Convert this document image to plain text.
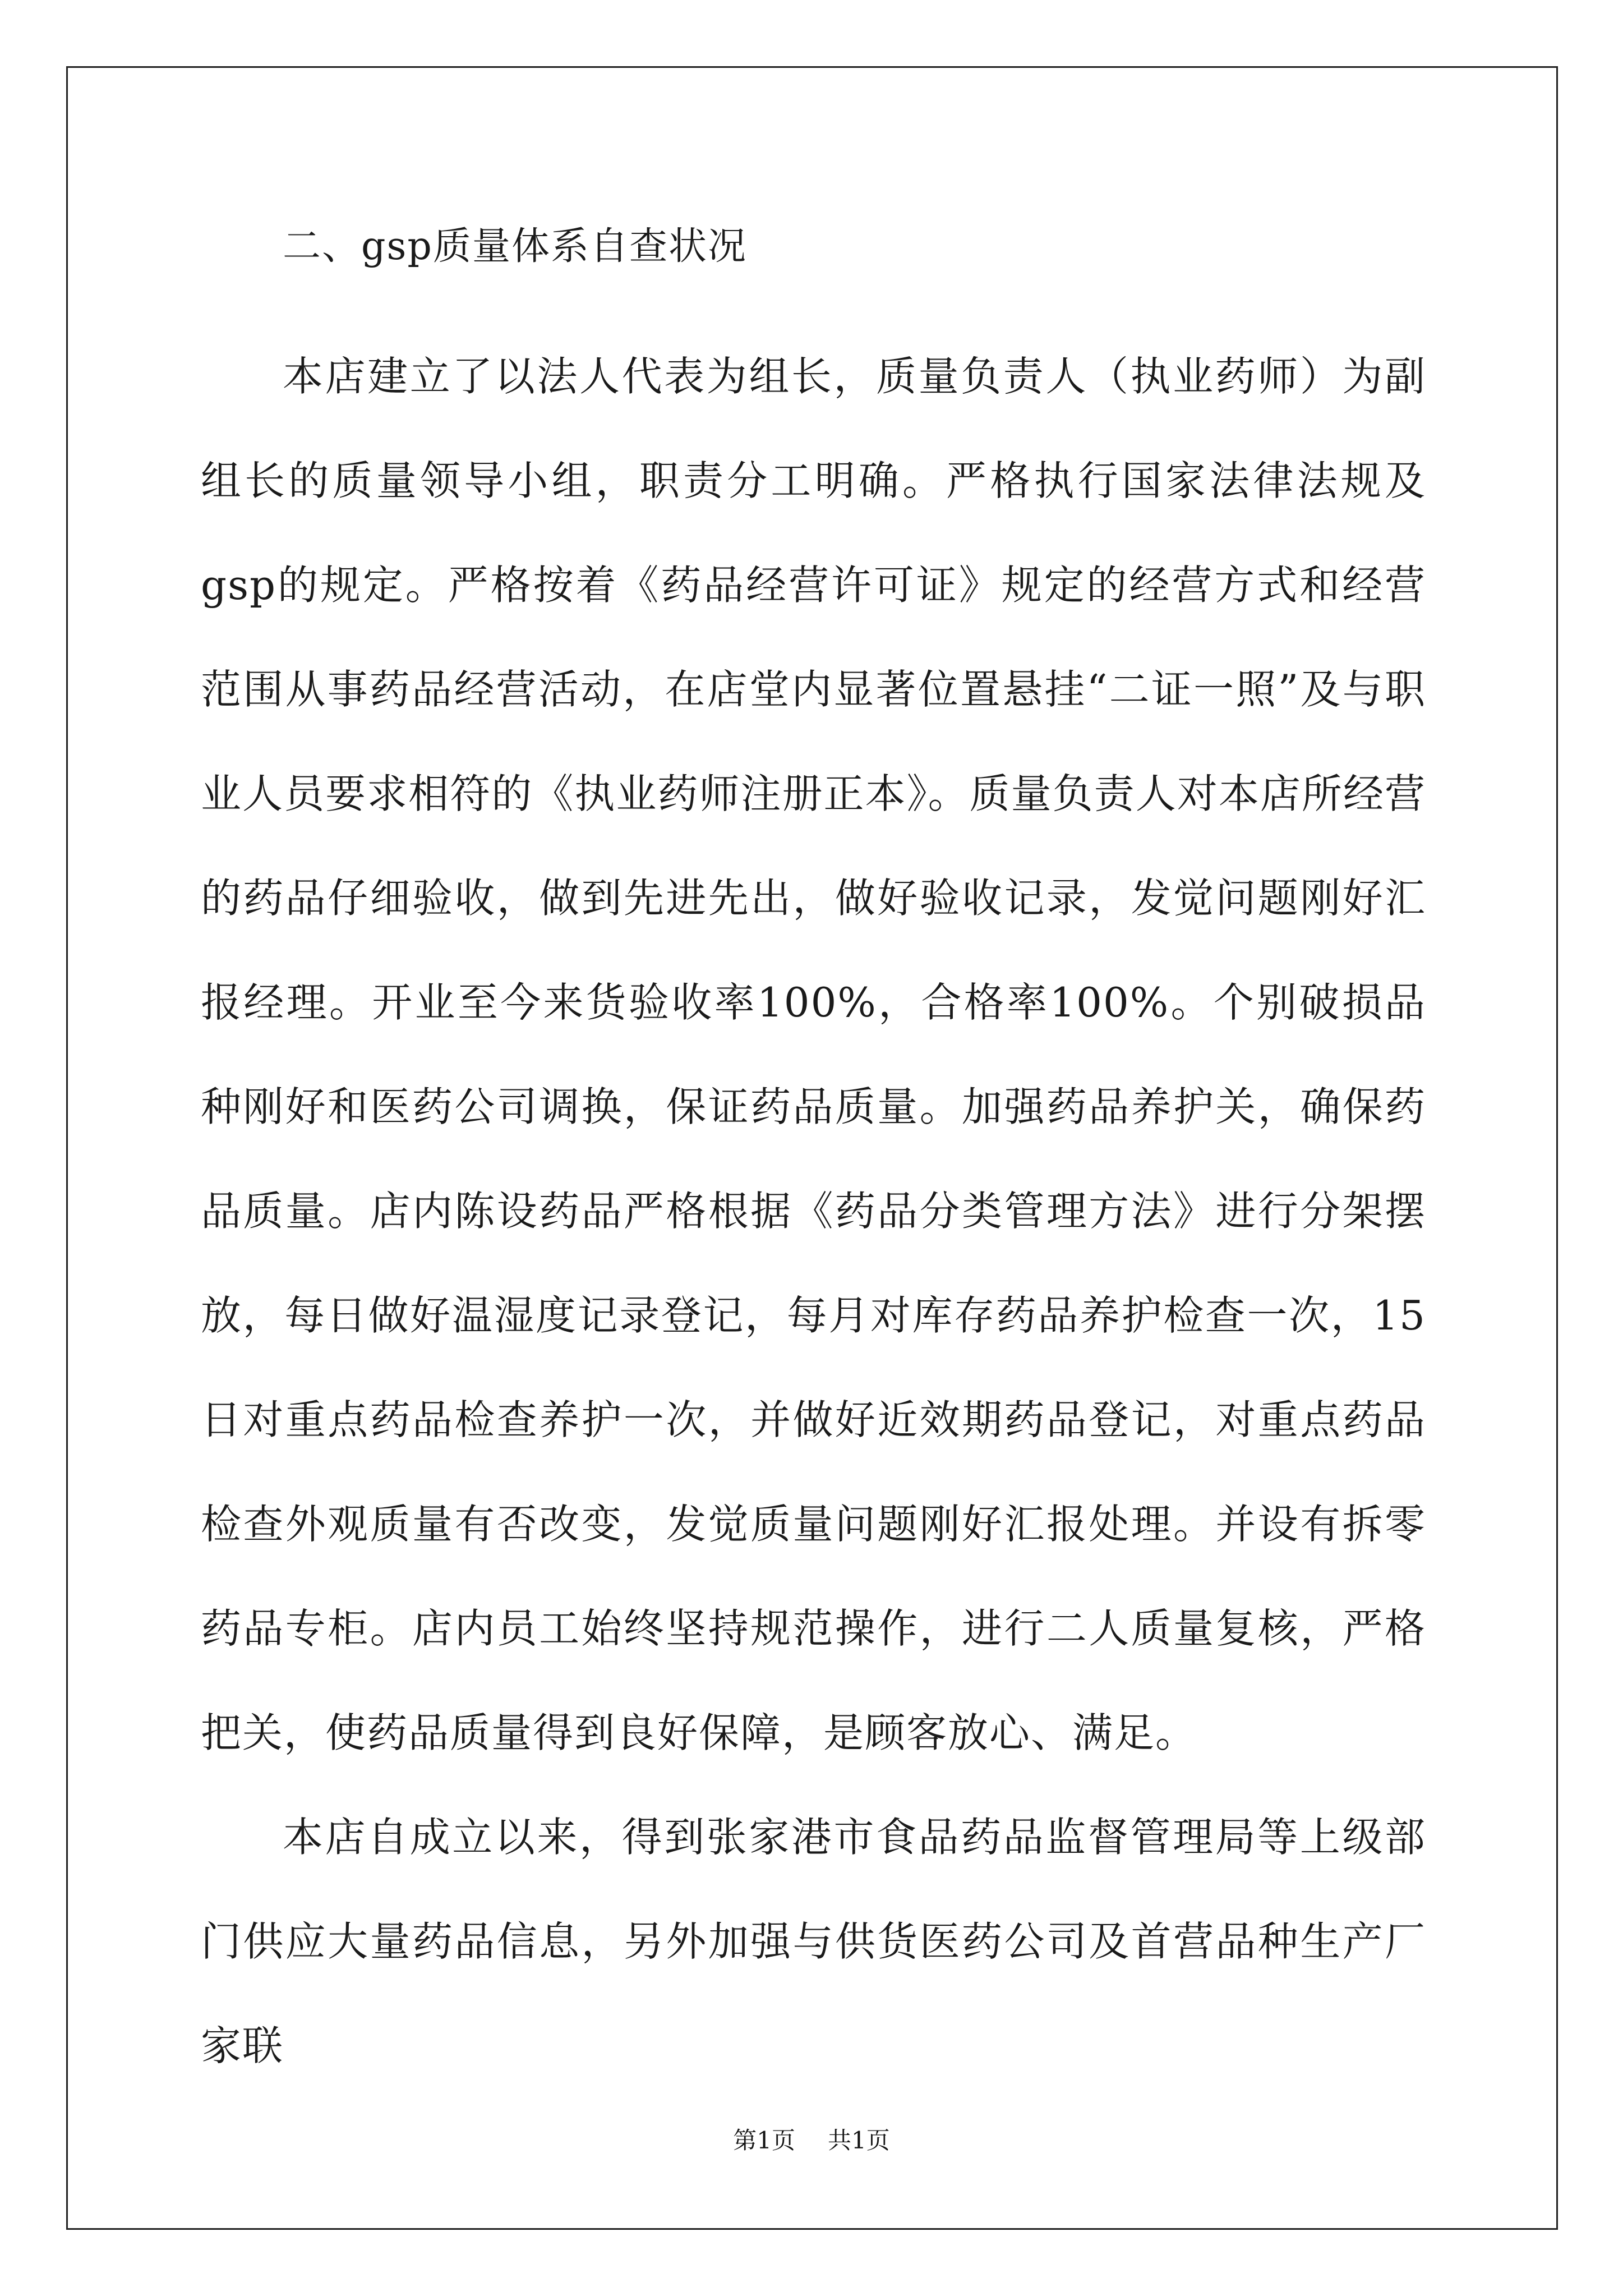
二、gsp质量体系自查状况

本店建立了以法人代表为组长，质量负责人（执业药师）为副组长的质量领导小组，职责分工明确。严格执行国家法律法规及gsp的规定。严格按着《药品经营许可证》规定的经营方式和经营范围从事药品经营活动，在店堂内显著位置悬挂“二证一照”及与职业人员要求相符的《执业药师注册正本》。质量负责人对本店所经营的药品仔细验收，做到先进先出，做好验收记录，发觉问题刚好汇报经理。开业至今来货验收率100%，合格率100%。个别破损品种刚好和医药公司调换，保证药品质量。加强药品养护关，确保药品质量。店内陈设药品严格根据《药品分类管理方法》进行分架摆放，每日做好温湿度记录登记，每月对库存药品养护检查一次，15日对重点药品检查养护一次，并做好近效期药品登记，对重点药品检查外观质量有否改变，发觉质量问题刚好汇报处理。并设有拆零药品专柜。店内员工始终坚持规范操作，进行二人质量复核，严格把关，使药品质量得到良好保障，是顾客放心、满足。

本店自成立以来，得到张家港市食品药品监督管理局等上级部门供应大量药品信息，另外加强与供货医药公司及首营品种生产厂家联

第1页 共1页
